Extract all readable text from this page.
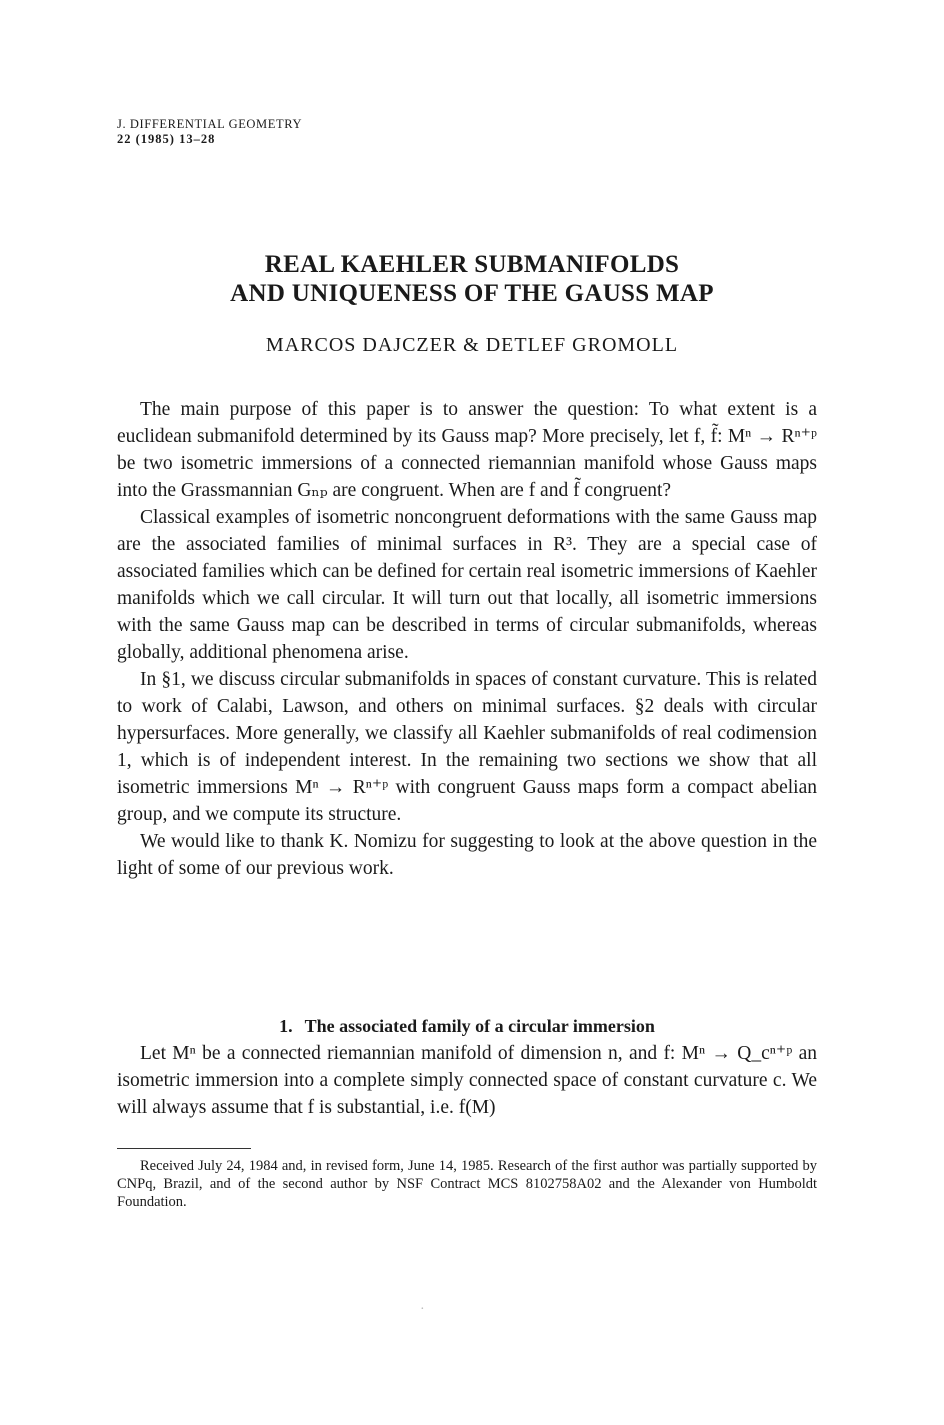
J. DIFFERENTIAL GEOMETRY
22 (1985) 13–28
REAL KAEHLER SUBMANIFOLDS
AND UNIQUENESS OF THE GAUSS MAP
MARCOS DAJCZER & DETLEF GROMOLL

The main purpose of this paper is to answer the question: To what extent is a euclidean submanifold determined by its Gauss map? More precisely, let f, f̃: Mⁿ → Rⁿ⁺ᵖ be two isometric immersions of a connected riemannian manifold whose Gauss maps into the Grassmannian Gₙₚ are congruent. When are f and f̃ congruent?

Classical examples of isometric noncongruent deformations with the same Gauss map are the associated families of minimal surfaces in R³. They are a special case of associated families which can be defined for certain real isometric immersions of Kaehler manifolds which we call circular. It will turn out that locally, all isometric immersions with the same Gauss map can be described in terms of circular submanifolds, whereas globally, additional phenomena arise.

In §1, we discuss circular submanifolds in spaces of constant curvature. This is related to work of Calabi, Lawson, and others on minimal surfaces. §2 deals with circular hypersurfaces. More generally, we classify all Kaehler submanifolds of real codimension 1, which is of independent interest. In the remaining two sections we show that all isometric immersions Mⁿ → Rⁿ⁺ᵖ with congruent Gauss maps form a compact abelian group, and we compute its structure.

We would like to thank K. Nomizu for suggesting to look at the above question in the light of some of our previous work.

1. The associated family of a circular immersion

Let Mⁿ be a connected riemannian manifold of dimension n, and f: Mⁿ → Q_cⁿ⁺ᵖ an isometric immersion into a complete simply connected space of constant curvature c. We will always assume that f is substantial, i.e. f(M)

Received July 24, 1984 and, in revised form, June 14, 1985. Research of the first author was partially supported by CNPq, Brazil, and of the second author by NSF Contract MCS 8102758A02 and the Alexander von Humboldt Foundation.

·
